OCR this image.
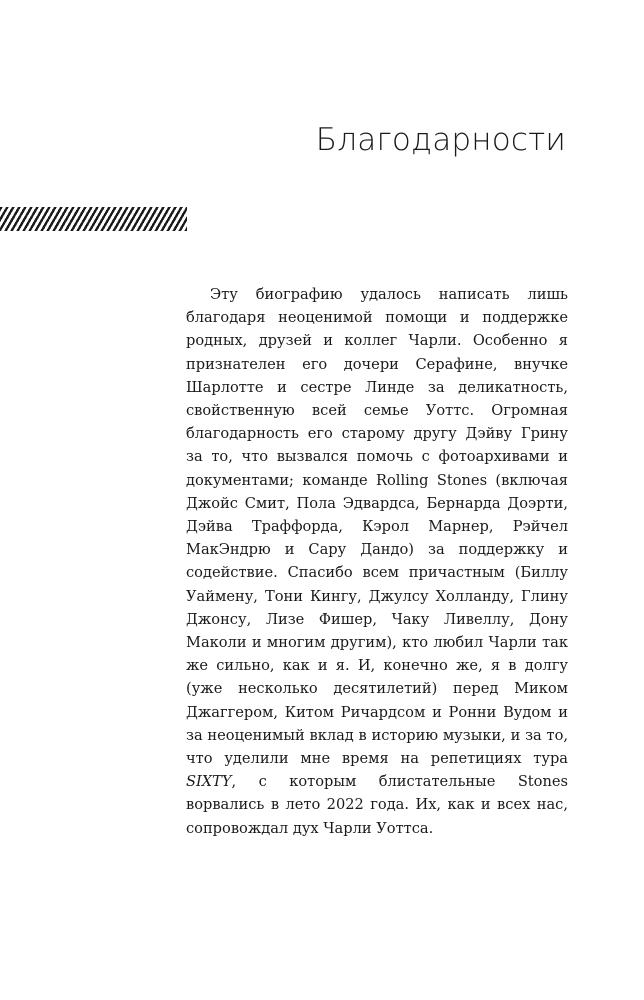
Благодарности

Эту биографию удалось написать лишь благодаря неоценимой помощи и поддержке родных, друзей и коллег Чарли. Особенно я признателен его дочери Серафине, внучке Шарлотте и сестре Линде за деликатность, свойственную всей семье Уоттс. Огромная благодарность его старому другу Дэйву Грину за то, что вызвался помочь с фотоархивами и документами; команде Rolling Stones (включая Джойс Смит, Пола Эдвардса, Бернарда Доэрти, Дэйва Траффорда, Кэрол Марнер, Рэйчел МакЭндрю и Сару Дандо) за поддержку и содействие. Спасибо всем причастным (Биллу Уаймену, Тони Кингу, Джулсу Холланду, Глину Джонсу, Лизе Фишер, Чаку Ливеллу, Дону Маколи и многим другим), кто любил Чарли так же сильно, как и я. И, конечно же, я в долгу (уже несколько десятилетий) перед Миком Джаггером, Китом Ричардсом и Ронни Вудом и за неоценимый вклад в историю музыки, и за то, что уделили мне время на репетициях тура SIXTY, с которым блистательные Stones ворвались в лето 2022 года. Их, как и всех нас, сопровождал дух Чарли Уоттса.
